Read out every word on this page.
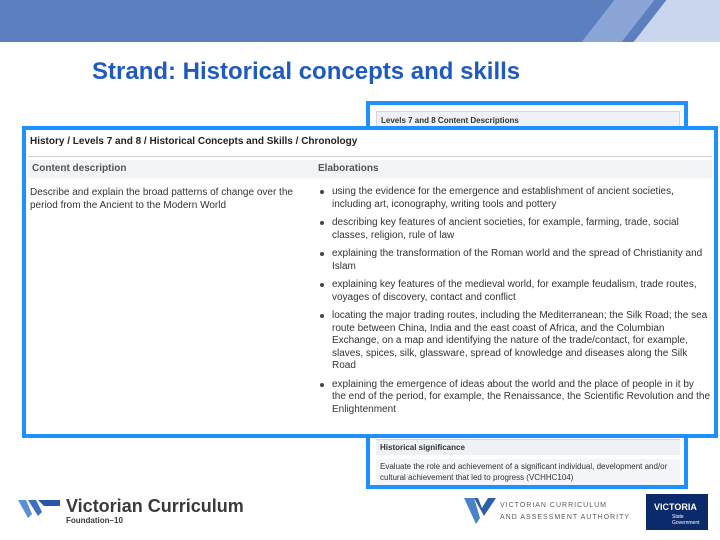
Strand: Historical concepts and skills
Levels 7 and 8 Content Descriptions
Historical significance
Evaluate the role and achievement of a significant individual, development and/or cultural achievement that led to progress (VCHHC104)
History / Levels 7 and 8 / Historical Concepts and Skills / Chronology
Content description	Elaborations
Describe and explain the broad patterns of change over the period from the Ancient to the Modern World
using the evidence for the emergence and establishment of ancient societies, including art, iconography, writing tools and pottery
describing key features of ancient societies, for example, farming, trade, social classes, religion, rule of law
explaining the transformation of the Roman world and the spread of Christianity and Islam
explaining key features of the medieval world, for example feudalism, trade routes, voyages of discovery, contact and conflict
locating the major trading routes, including the Mediterranean; the Silk Road; the sea route between China, India and the east coast of Africa, and the Columbian Exchange, on a map and identifying the nature of the trade/contact, for example, slaves, spices, silk, glassware, spread of knowledge and diseases along the Silk Road
explaining the emergence of ideas about the world and the place of people in it by the end of the period, for example, the Renaissance, the Scientific Revolution and the Enlightenment
Victorian Curriculum
Foundation–10
VICTORIAN CURRICULUM
AND ASSESSMENT AUTHORITY
VICTORIA
State
Government
